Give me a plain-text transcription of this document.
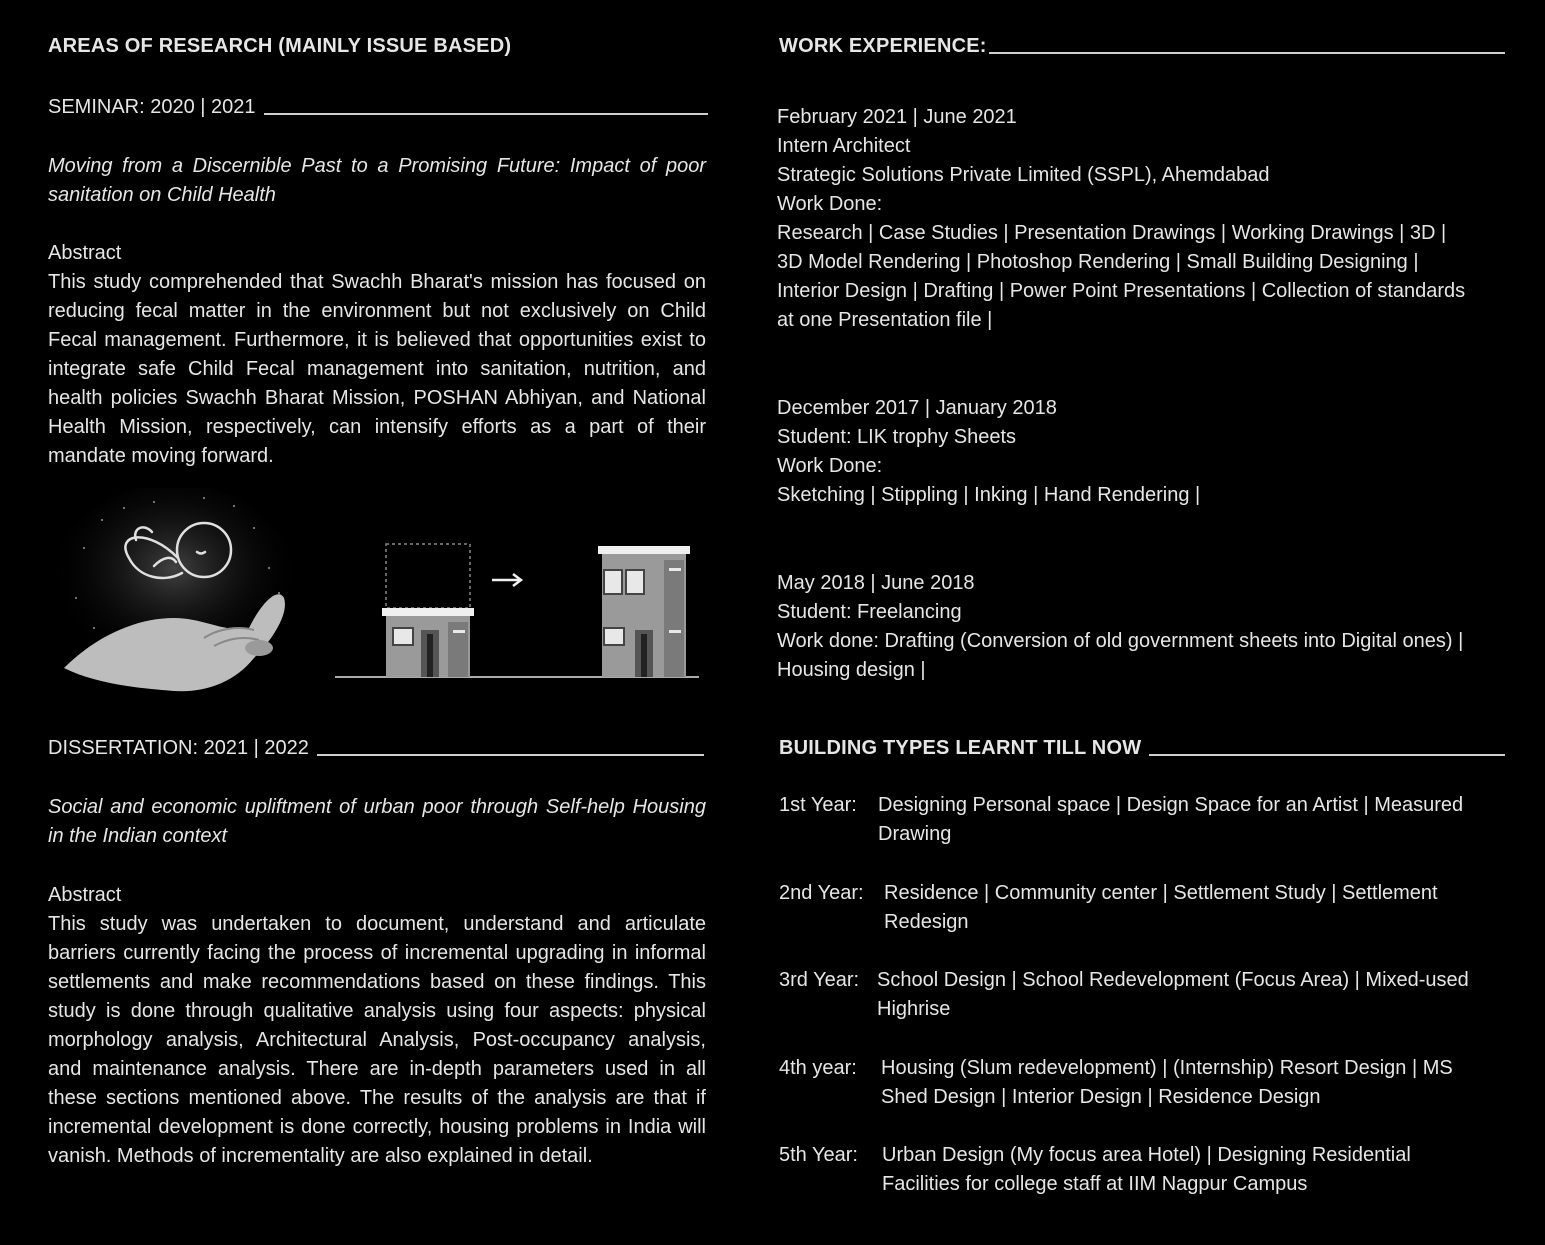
AREAS OF RESEARCH (MAINLY ISSUE BASED)
SEMINAR: 2020 | 2021
Moving from a Discernible Past to a Promising Future: Impact of poor sanitation on Child Health
Abstract
This study comprehended that Swachh Bharat's mission has focused on reducing fecal matter in the environment but not exclusively on Child Fecal management. Furthermore, it is believed that opportunities exist to integrate safe Child Fecal management into sanitation, nutrition, and health policies Swachh Bharat Mission, POSHAN Abhiyan, and National Health Mission, respectively, can intensify efforts as a part of their mandate moving forward.
DISSERTATION: 2021 | 2022
Social and economic upliftment of urban poor through Self-help Housing in the Indian context
Abstract
This study was undertaken to document, understand and articulate barriers currently facing the process of incremental upgrading in informal settlements and make recommendations based on these findings. This study is done through qualitative analysis using four aspects: physical morphology analysis, Architectural Analysis, Post-occupancy analysis, and maintenance analysis. There are in-depth parameters used in all these sections mentioned above. The results of the analysis are that if incremental development is done correctly, housing problems in India will vanish. Methods of incrementality are also explained in detail.
WORK EXPERIENCE:
February 2021 | June 2021
Intern Architect
Strategic Solutions Private Limited (SSPL), Ahemdabad
Work Done:
Research | Case Studies | Presentation Drawings | Working Drawings | 3D |
3D Model Rendering | Photoshop Rendering | Small Building Designing |
Interior Design | Drafting | Power Point Presentations | Collection of standards
at one Presentation file |
December 2017 | January 2018
Student: LIK trophy Sheets
Work Done:
Sketching | Stippling | Inking | Hand Rendering |
May 2018 | June 2018
Student: Freelancing
Work done: Drafting (Conversion of old government sheets into Digital ones) |
Housing design |
BUILDING TYPES LEARNT TILL NOW
1st Year:	Designing Personal space | Design Space for an Artist | Measured Drawing
2nd Year:	Residence | Community center | Settlement Study | Settlement Redesign
3rd Year: School Design | School Redevelopment (Focus Area) | Mixed-used Highrise
4th year:	Housing (Slum redevelopment) | (Internship) Resort Design | MS Shed Design | Interior Design | Residence Design
5th Year:	Urban Design (My focus area Hotel) | Designing Residential Facilities for college staff at IIM Nagpur Campus
